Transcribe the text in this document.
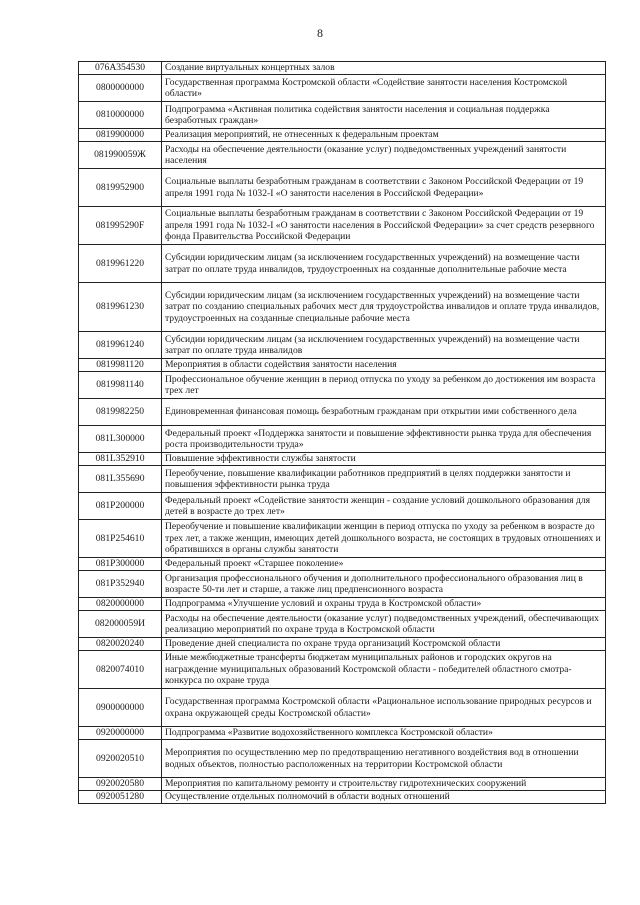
8
076A354530	Создание виртуальных концертных залов
0800000000	Государственная программа Костромской области «Содействие занятости населения Костромской области»
0810000000	Подпрограмма «Активная политика содействия занятости населения и социальная поддержка безработных граждан»
0819900000	Реализация мероприятий, не отнесенных к федеральным проектам
081990059Ж	Расходы на обеспечение деятельности (оказание услуг) подведомственных учреждений занятости населения
0819952900	Социальные выплаты безработным гражданам в соответствии с Законом Российской Федерации от 19 апреля 1991 года № 1032-I «О занятости населения в Российской Федерации»
081995290F	Социальные выплаты безработным гражданам в соответствии с Законом Российской Федерации от 19 апреля 1991 года № 1032-I «О занятости населения в Российской Федерации» за счет средств резервного фонда Правительства Российской Федерации
0819961220	Субсидии юридическим лицам (за исключением государственных учреждений) на возмещение части затрат по оплате труда инвалидов, трудоустроенных на созданные дополнительные рабочие места
0819961230	Субсидии юридическим лицам (за исключением государственных учреждений) на возмещение части затрат по созданию специальных рабочих мест для трудоустройства инвалидов и оплате труда инвалидов, трудоустроенных на созданные специальные рабочие места
0819961240	Субсидии юридическим лицам (за исключением государственных учреждений) на возмещение части затрат по оплате труда инвалидов
0819981120	Мероприятия в области содействия занятости населения
0819981140	Профессиональное обучение женщин в период отпуска по уходу за ребенком до достижения им возраста трех лет
0819982250	Единовременная финансовая помощь безработным гражданам при открытии ими собственного дела
081L300000	Федеральный проект «Поддержка занятости и повышение эффективности рынка труда для обеспечения роста производительности труда»
081L352910	Повышение эффективности службы занятости
081L355690	Переобучение, повышение квалификации работников предприятий в целях поддержки занятости и повышения эффективности рынка труда
081P200000	Федеральный проект «Содействие занятости женщин - создание условий дошкольного образования для детей в возрасте до трех лет»
081P254610	Переобучение и повышение квалификации женщин в период отпуска по уходу за ребенком в возрасте до трех лет, а также женщин, имеющих детей дошкольного возраста, не состоящих в трудовых отношениях и обратившихся в органы службы занятости
081P300000	Федеральный проект «Старшее поколение»
081P352940	Организация профессионального обучения и дополнительного профессионального образования лиц в возрасте 50-ти лет и старше, а также лиц предпенсионного возраста
0820000000	Подпрограмма «Улучшение условий и охраны труда в Костромской области»
082000059И	Расходы на обеспечение деятельности (оказание услуг) подведомственных учреждений, обеспечивающих реализацию мероприятий по охране труда в Костромской области
0820020240	Проведение дней специалиста по охране труда организаций Костромской области
0820074010	Иные межбюджетные трансферты бюджетам муниципальных районов и городских округов на награждение муниципальных образований Костромской области - победителей областного смотра-конкурса по охране труда
0900000000	Государственная программа Костромской области «Рациональное использование природных ресурсов и охрана окружающей среды Костромской области»
0920000000	Подпрограмма «Развитие водохозяйственного комплекса Костромской области»
0920020510	Мероприятия по осуществлению мер по предотвращению негативного воздействия вод в отношении водных объектов, полностью расположенных на территории Костромской области
0920020580	Мероприятия по капитальному ремонту и строительству гидротехнических сооружений
0920051280	Осуществление отдельных полномочий в области водных отношений
